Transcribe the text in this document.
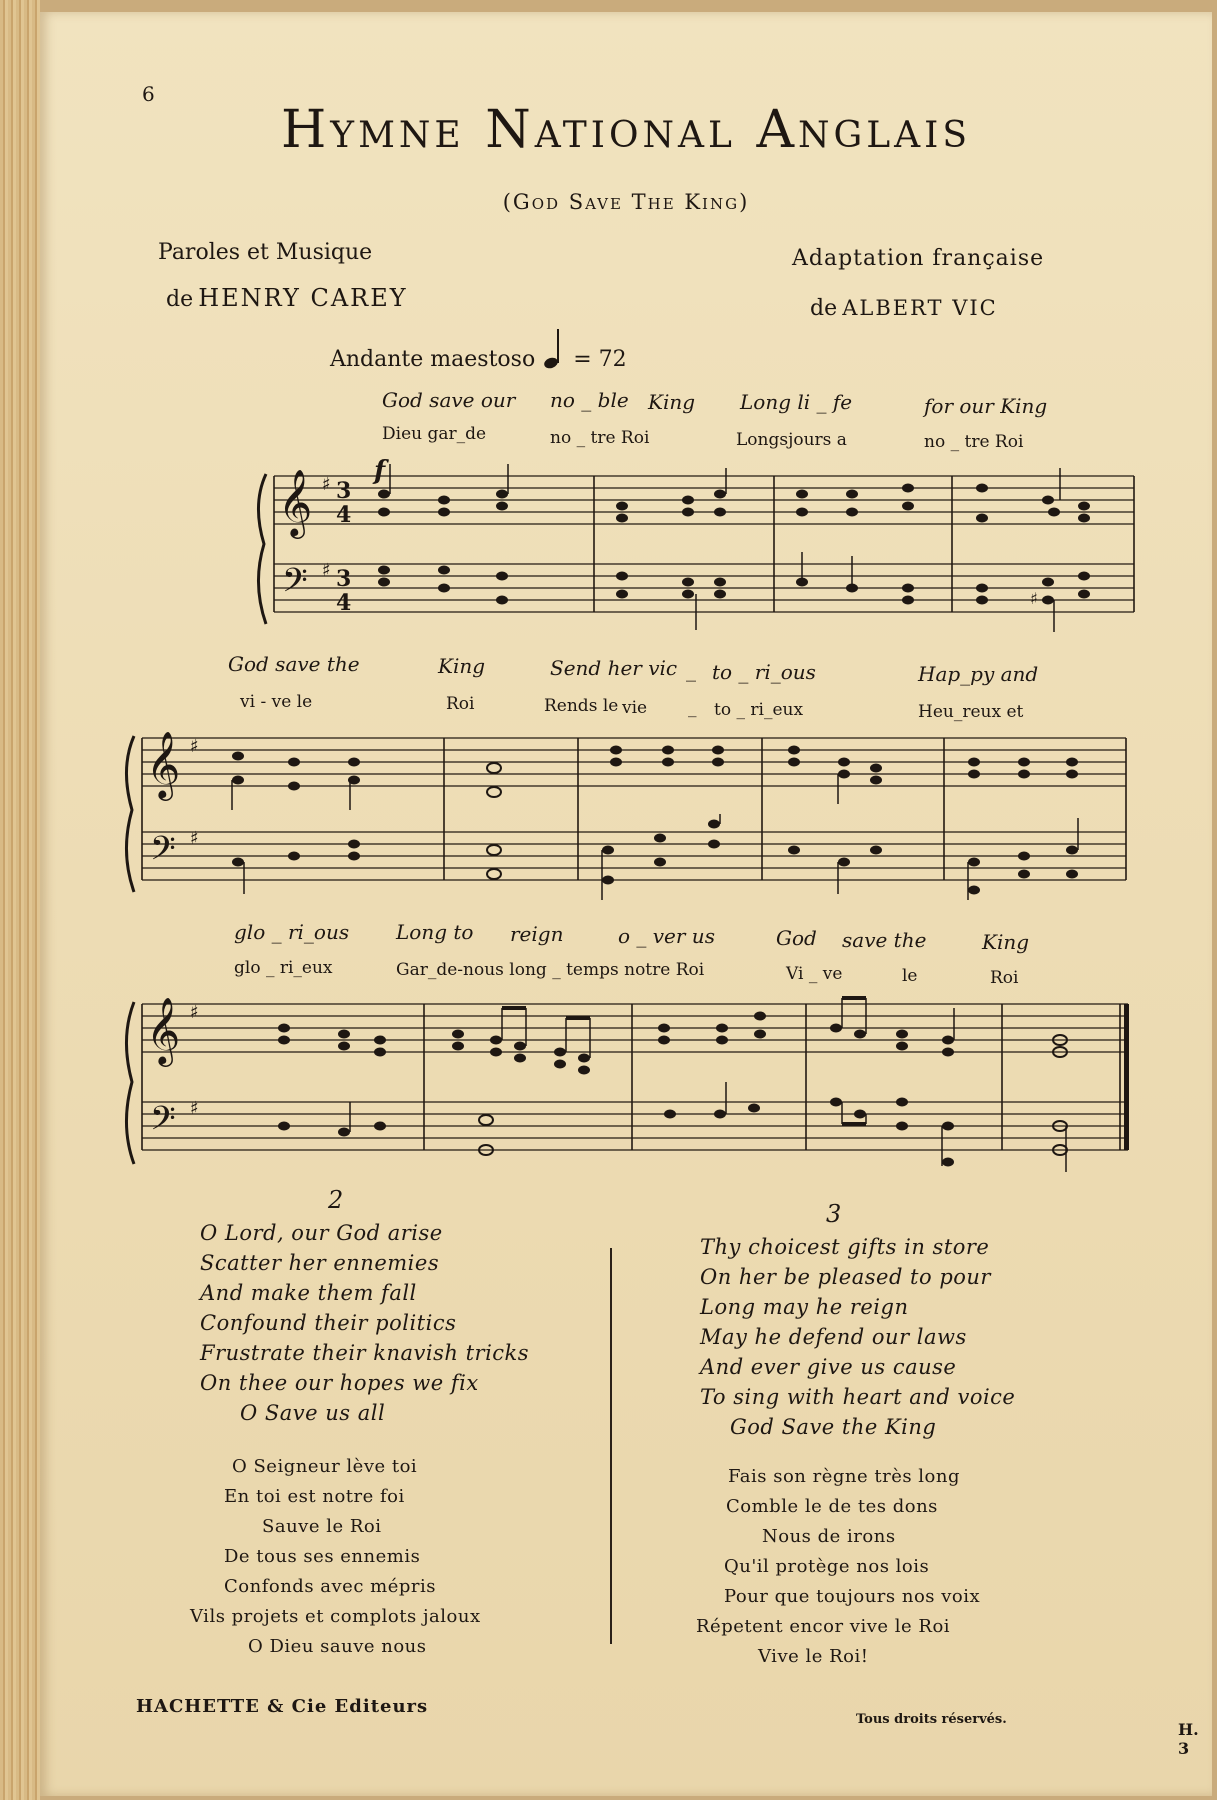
6
Hymne National Anglais
(God Save The King)
Paroles et Musique
de HENRY CAREY
Adaptation française
de ALBERT VIC
Andante maestoso = 72
God save our no _ ble King Long li _ fe	for our King
Dieu gar_de	no _ tre Roi	Longsjours a	no _ tre Roi
f
𝄞
𝄢
♯
♯
3
4
3
4	♯
God save the	King	Send her vic _ to _ ri_ous	Hap_py and
vi - ve le	Roi	Rends le vie _ to _ ri_eux	Heu_reux et
𝄞
𝄢
♯
♯
glo _ ri_ous Long to reign	o _ ver us	God save the	King
glo _ ri_eux	Gar_de-nous long _ temps notre Roi	Vi _ ve	le	Roi
𝄞
𝄢
♯
♯
2
O Lord, our God arise
Scatter her ennemies
And make them fall
Confound their politics
Frustrate their knavish tricks
On thee our hopes we fix
O Save us all
O Seigneur lève toi
En toi est notre foi
Sauve le Roi
De tous ses ennemis
Confonds avec mépris
Vils projets et complots jaloux
O Dieu sauve nous
3
Thy choicest gifts in store
On her be pleased to pour
Long may he reign
May he defend our laws
And ever give us cause
To sing with heart and voice
God Save the King
Fais son règne très long
Comble le de tes dons
Nous de irons
Qu'il protège nos lois
Pour que toujours nos voix
Répetent encor vive le Roi
Vive le Roi!
HACHETTE & Cie Editeurs
Tous droits réservés.
H. 3
